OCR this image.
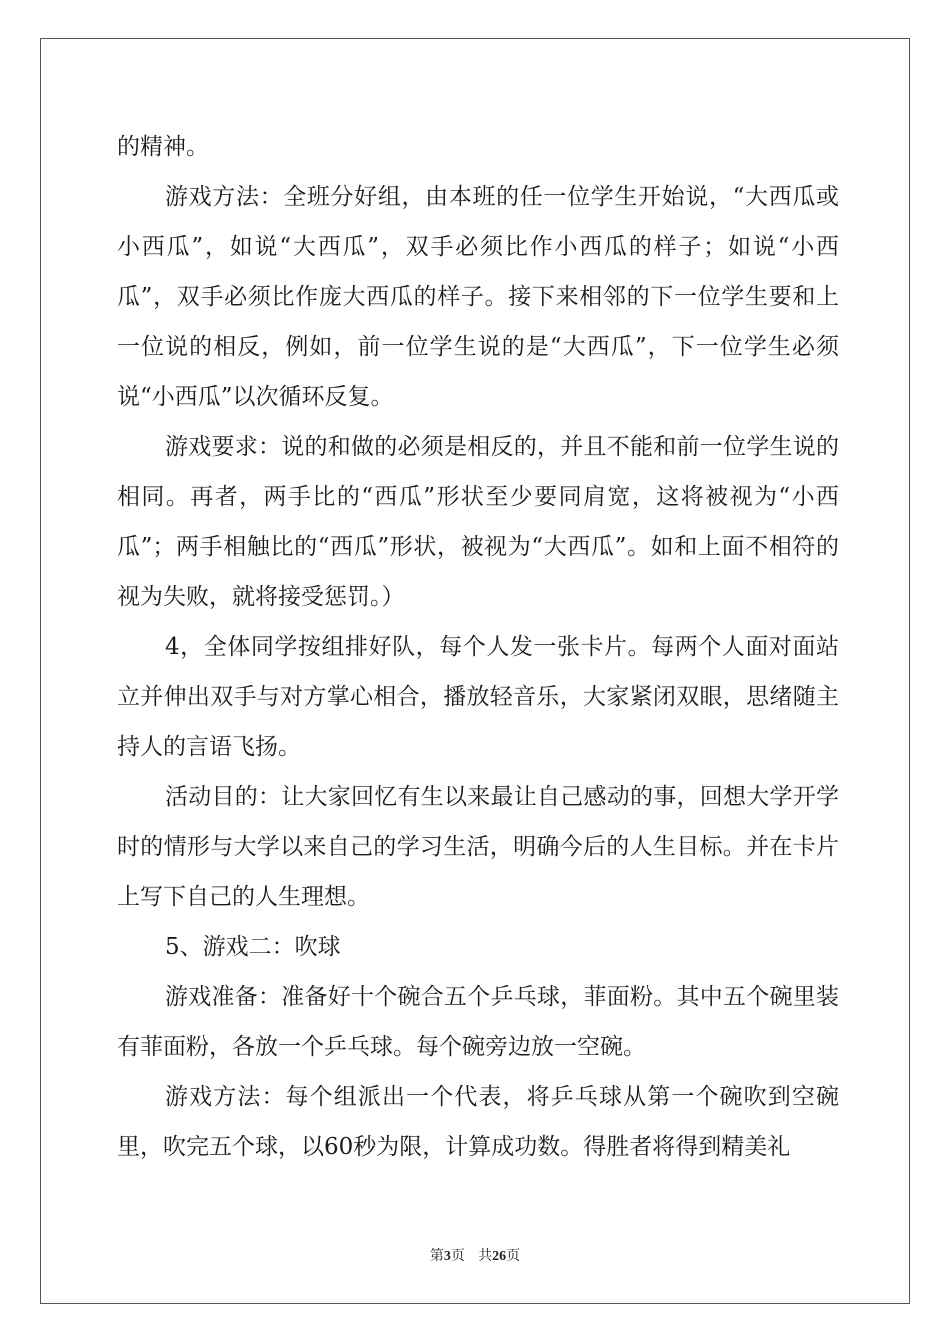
的精神。

游戏方法：全班分好组，由本班的任一位学生开始说，“大西瓜或小西瓜”，如说“大西瓜”，双手必须比作小西瓜的样子；如说“小西瓜”，双手必须比作庞大西瓜的样子。接下来相邻的下一位学生要和上一位说的相反，例如，前一位学生说的是“大西瓜”，下一位学生必须说“小西瓜”以次循环反复。

游戏要求：说的和做的必须是相反的，并且不能和前一位学生说的相同。再者，两手比的“西瓜”形状至少要同肩宽，这将被视为“小西瓜”；两手相触比的“西瓜”形状，被视为“大西瓜”。如和上面不相符的视为失败，就将接受惩罚。）

4，全体同学按组排好队，每个人发一张卡片。每两个人面对面站立并伸出双手与对方掌心相合，播放轻音乐，大家紧闭双眼，思绪随主持人的言语飞扬。

活动目的：让大家回忆有生以来最让自己感动的事，回想大学开学时的情形与大学以来自己的学习生活，明确今后的人生目标。并在卡片上写下自己的人生理想。

5、游戏二：吹球

游戏准备：准备好十个碗合五个乒乓球，菲面粉。其中五个碗里装有菲面粉，各放一个乒乓球。每个碗旁边放一空碗。

游戏方法：每个组派出一个代表，将乒乓球从第一个碗吹到空碗里，吹完五个球，以60秒为限，计算成功数。得胜者将得到精美礼

第3页 共26页
